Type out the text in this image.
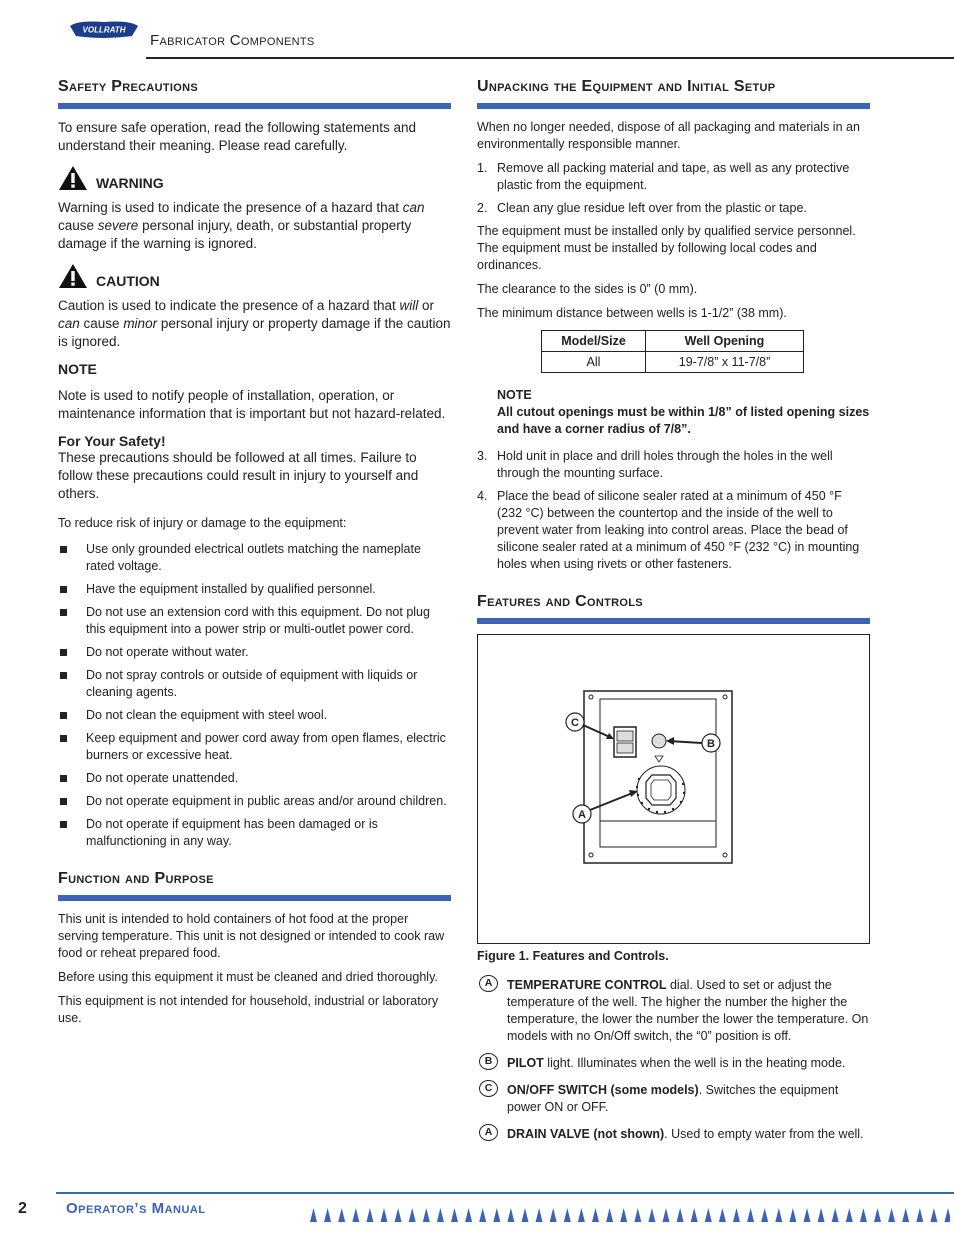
VOLLRATH
Fabricator Components
Safety Precautions

To ensure safe operation, read the following statements and understand their meaning. Please read carefully.

WARNING

Warning is used to indicate the presence of a hazard that can cause severe personal injury, death, or substantial property damage if the warning is ignored.

CAUTION

Caution is used to indicate the presence of a hazard that will or can cause minor personal injury or property damage if the caution is ignored.

NOTE

Note is used to notify people of installation, operation, or maintenance information that is important but not hazard-related.

For Your Safety!

These precautions should be followed at all times. Failure to follow these precautions could result in injury to yourself and others.

To reduce risk of injury or damage to the equipment:

Use only grounded electrical outlets matching the nameplate rated voltage.
Have the equipment installed by qualified personnel.
Do not use an extension cord with this equipment. Do not plug this equipment into a power strip or multi-outlet power cord.
Do not operate without water.
Do not spray controls or outside of equipment with liquids or cleaning agents.
Do not clean the equipment with steel wool.
Keep equipment and power cord away from open flames, electric burners or excessive heat.
Do not operate unattended.
Do not operate equipment in public areas and/or around children.
Do not operate if equipment has been damaged or is malfunctioning in any way.
Function and Purpose

This unit is intended to hold containers of hot food at the proper serving temperature. This unit is not designed or intended to cook raw food or reheat prepared food.

Before using this equipment it must be cleaned and dried thoroughly.

This equipment is not intended for household, industrial or laboratory use.

Unpacking the Equipment and Initial Setup

When no longer needed, dispose of all packaging and materials in an environmentally responsible manner.

1. Remove all packing material and tape, as well as any protective plastic from the equipment.
2. Clean any glue residue left over from the plastic or tape.

The equipment must be installed only by qualified service personnel. The equipment must be installed by following local codes and ordinances.

The clearance to the sides is 0” (0 mm).

The minimum distance between wells is 1-1/2” (38 mm).

Model/Size	Well Opening
All	19-7/8” x 11-7/8”
NOTE
All cutout openings must be within 1/8” of listed opening sizes and have a corner radius of 7/8”.
3. Hold unit in place and drill holes through the holes in the well through the mounting surface.
4. Place the bead of silicone sealer rated at a minimum of 450 °F (232 °C) between the countertop and the inside of the well to prevent water from leaking into control areas. Place the bead of silicone sealer rated at a minimum of 450 °F (232 °C) in mounting holes when using rivets or other fasteners.
Features and Controls
C
B
A
Figure 1. Features and Controls.
A	TEMPERATURE CONTROL dial. Used to set or adjust the temperature of the well. The higher the number the higher the temperature, the lower the number the lower the temperature. On models with no On/Off switch, the “0” position is off.
B	PILOT light. Illuminates when the well is in the heating mode.
C	ON/OFF SWITCH (some models). Switches the equipment power ON or OFF.
A	DRAIN VALVE (not shown). Used to empty water from the well.
2	Operator’s Manual
